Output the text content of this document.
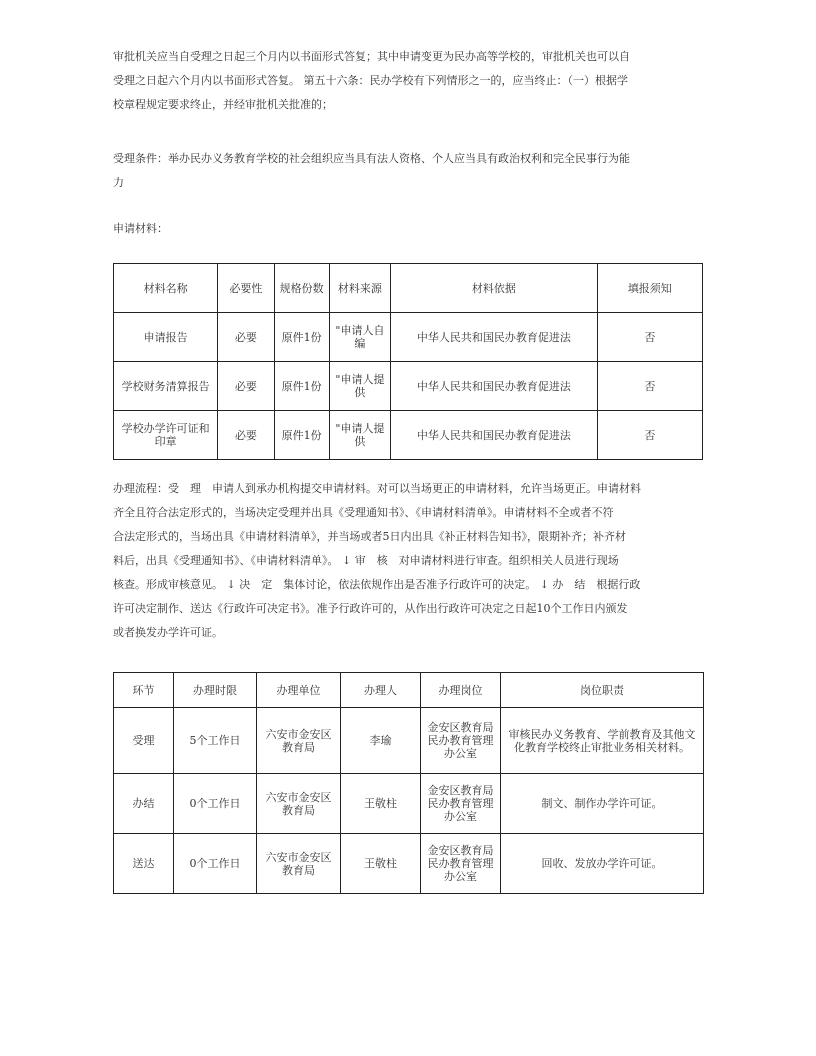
审批机关应当自受理之日起三个月内以书面形式答复；其中申请变更为民办高等学校的，审批机关也可以自
受理之日起六个月内以书面形式答复。 第五十六条：民办学校有下列情形之一的，应当终止：（一）根据学
校章程规定要求终止，并经审批机关批准的；
受理条件：举办民办义务教育学校的社会组织应当具有法人资格、个人应当具有政治权利和完全民事行为能
力
申请材料：
材料名称	必要性	规格份数	材料来源	材料依据	填报须知
申请报告	必要	原件1份	"申请人自编	中华人民共和国民办教育促进法	否
学校财务清算报告	必要	原件1份	"申请人提供	中华人民共和国民办教育促进法	否
学校办学许可证和印章	必要	原件1份	"申请人提供	中华人民共和国民办教育促进法	否
办理流程：受　理　申请人到承办机构提交申请材料。对可以当场更正的申请材料，允许当场更正。申请材料
齐全且符合法定形式的，当场决定受理并出具《受理通知书》、《申请材料清单》。申请材料不全或者不符
合法定形式的，当场出具《申请材料清单》，并当场或者5日内出具《补正材料告知书》，限期补齐；补齐材
料后，出具《受理通知书》、《申请材料清单》。 ↓ 审　核　对申请材料进行审查。组织相关人员进行现场
核查。形成审核意见。 ↓ 决　定　集体讨论，依法依规作出是否准予行政许可的决定。 ↓ 办　结　根据行政
许可决定制作、送达《行政许可决定书》。准予行政许可的，从作出行政许可决定之日起10个工作日内颁发
或者换发办学许可证。
环节	办理时限	办理单位	办理人	办理岗位	岗位职责
受理	5个工作日	六安市金安区教育局	李瑜	金安区教育局民办教育管理办公室	审核民办义务教育、学前教育及其他文化教育学校终止审批业务相关材料。
办结	0个工作日	六安市金安区教育局	王敬柱	金安区教育局民办教育管理办公室	制文、制作办学许可证。
送达	0个工作日	六安市金安区教育局	王敬柱	金安区教育局民办教育管理办公室	回收、发放办学许可证。
